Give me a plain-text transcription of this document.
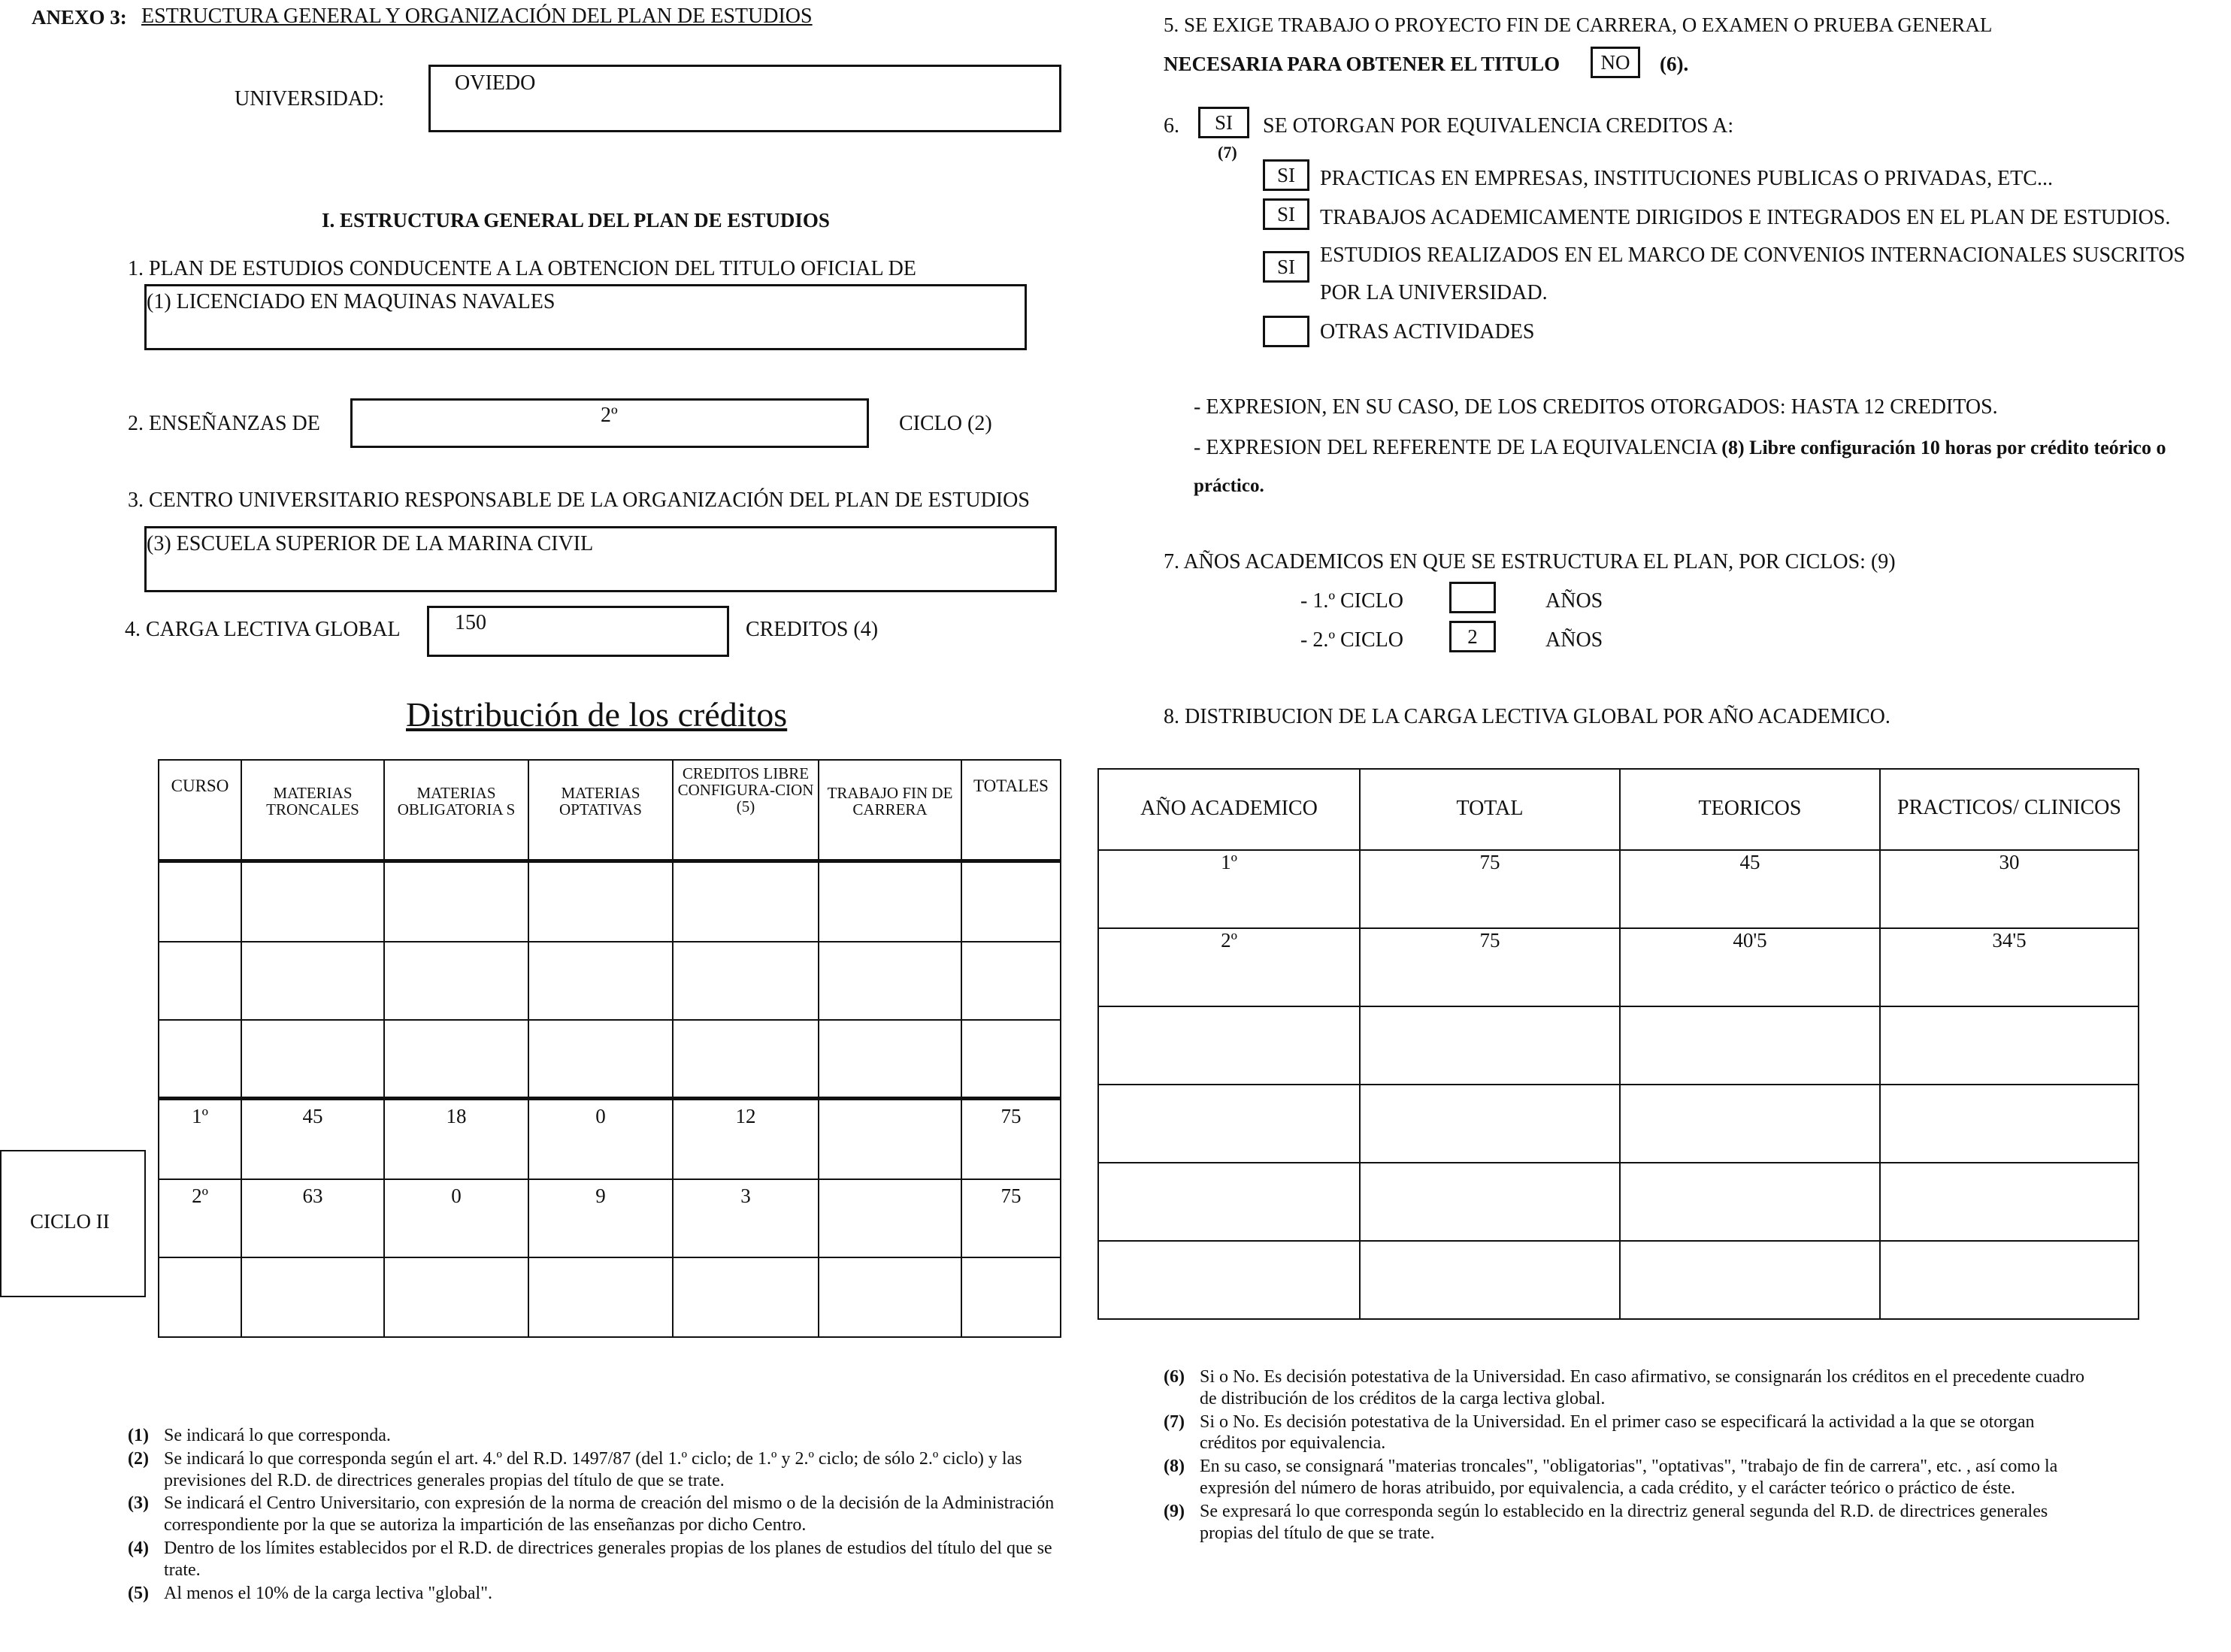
ANEXO 3: ESTRUCTURA GENERAL Y ORGANIZACIÓN DEL PLAN DE ESTUDIOS
UNIVERSIDAD:
OVIEDO
I. ESTRUCTURA GENERAL DEL PLAN DE ESTUDIOS
1. PLAN DE ESTUDIOS CONDUCENTE A LA OBTENCION DEL TITULO OFICIAL DE
(1) LICENCIADO EN MAQUINAS NAVALES
2. ENSEÑANZAS DE	2º	CICLO (2)
3. CENTRO UNIVERSITARIO RESPONSABLE DE LA ORGANIZACIÓN DEL PLAN DE ESTUDIOS
(3) ESCUELA SUPERIOR DE LA MARINA CIVIL
4. CARGA LECTIVA GLOBAL	150	CREDITOS (4)
Distribución de los créditos
CURSO	MATERIAS TRONCALES	MATERIAS OBLIGATORIA S	MATERIAS OPTATIVAS	CREDITOS LIBRE CONFIGURA-CION (5)	TRABAJO FIN DE CARRERA	TOTALES

1º	45	18	0	12		75
2º	63	0	9	3		75

CICLO II
(1) Se indicará lo que corresponda.
(2) Se indicará lo que corresponda según el art. 4.º del R.D. 1497/87 (del 1.º ciclo; de 1.º y 2.º ciclo; de sólo 2.º ciclo) y las previsiones del R.D. de directrices generales propias del título de que se trate.
(3) Se indicará el Centro Universitario, con expresión de la norma de creación del mismo o de la decisión de la Administración correspondiente por la que se autoriza la impartición de las enseñanzas por dicho Centro.
(4) Dentro de los límites establecidos por el R.D. de directrices generales propias de los planes de estudios del título del que se trate.
(5) Al menos el 10% de la carga lectiva "global".
5. SE EXIGE TRABAJO O PROYECTO FIN DE CARRERA, O EXAMEN O PRUEBA GENERAL
NECESARIA PARA OBTENER EL TITULO	NO	(6).
6.	SI
(7)
SE OTORGAN POR EQUIVALENCIA CREDITOS A:
SI	PRACTICAS EN EMPRESAS, INSTITUCIONES PUBLICAS O PRIVADAS, ETC...
SI	TRABAJOS ACADEMICAMENTE DIRIGIDOS E INTEGRADOS EN EL PLAN DE ESTUDIOS.
SI	ESTUDIOS REALIZADOS EN EL MARCO DE CONVENIOS INTERNACIONALES SUSCRITOS
POR LA UNIVERSIDAD.
OTRAS ACTIVIDADES
- EXPRESION, EN SU CASO, DE LOS CREDITOS OTORGADOS: HASTA 12 CREDITOS.
- EXPRESION DEL REFERENTE DE LA EQUIVALENCIA (8) Libre configuración 10 horas por crédito teórico o
práctico.
7. AÑOS ACADEMICOS EN QUE SE ESTRUCTURA EL PLAN, POR CICLOS: (9)
- 1.º CICLO	AÑOS
- 2.º CICLO	2	AÑOS
8. DISTRIBUCION DE LA CARGA LECTIVA GLOBAL POR AÑO ACADEMICO.
AÑO ACADEMICO	TOTAL	TEORICOS	PRACTICOS/ CLINICOS
1º	75	45	30
2º	75	40'5	34'5

(6) Si o No. Es decisión potestativa de la Universidad. En caso afirmativo, se consignarán los créditos en el precedente cuadro de distribución de los créditos de la carga lectiva global.
(7) Si o No. Es decisión potestativa de la Universidad. En el primer caso se especificará la actividad a la que se otorgan créditos por equivalencia.
(8) En su caso, se consignará "materias troncales", "obligatorias", "optativas", "trabajo de fin de carrera", etc. , así como la expresión del número de horas atribuido, por equivalencia, a cada crédito, y el carácter teórico o práctico de éste.
(9) Se expresará lo que corresponda según lo establecido en la directriz general segunda del R.D. de directrices generales propias del título de que se trate.
